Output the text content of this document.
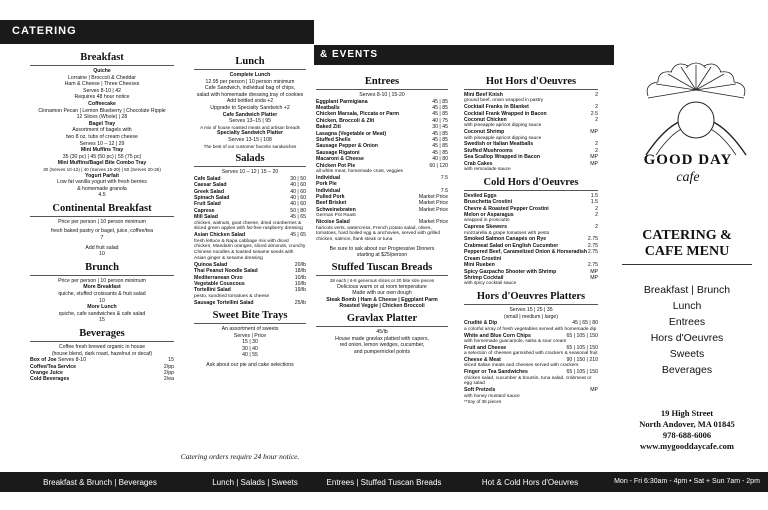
CATERING
& EVENTS

Breakfast

Quiche
Lorraine | Broccoli & Cheddar
Ham & Cheese | Three Cheeses
Serves 8-10 | 42
Requires 48 hour notice
Coffeecake
Cinnamon Pecan | Lemon Blueberry | Chocolate Ripple
12 Slices (Whole) | 28
Bagel Tray
Assortment of bagels with
two 8 oz. tubs of cream cheese
Serves 10 – 12 | 29
Mini Muffins Tray
35 (30 pc) | 45 (50 pc) | 55 (75 pc)
Mini Muffins/Bagel Bite Combo Tray
30 (Serves 10-12) | 40 (Serves 15-20) | 50 (Serves 20-25)
Yogurt Parfait
Low fat vanilla yogurt with fresh berries
& homemade granola
4.5

Continental Breakfast

Price per person | 10 person minimum
fresh baked pastry or bagel, juice, coffee/tea
7
Add fruit salad
10

Brunch

Price per person | 10 person minimum
More Breakfast
quiche, stuffed croissants & fruit salad
10
More Lunch
quiche, cafe sandwiches & cafe salad
15

Beverages

Coffee fresh brewed organic in house
(house blend, dark roast, hazelnut or decaf)
Box of Joe Serves 8-10	15
Coffee/Tea Service	2/pp
Orange Juice	2/pp
Cold Beverages	2/ea
Catering orders require 24 hour notice.

Lunch

Complete Lunch
12.95 per person | 10 person minimum
Cafe Sandwich, individual bag of chips,
salad with homemade dressing,tray of cookies
Add bottled soda +2
Upgrade to Specialty Sandwich +2
Cafe Sandwich Platter
Serves 13–15 | 95
A mix of house roasted meats and artisan breads
Specialty Sandwich Platter
Serves 13-15 | 108
The best of our customer favorite sandwiches

Salads

Serves 10 – 12 | 15 – 20
Cafe Salad	30 | 50
Caesar Salad	40 | 60
Greek Salad	40 | 60
Spinach Salad	40 | 60
Fruit Salad	40 | 60
Caprese	50 | 80
Mill Salad	45 | 65
chicken, walnuts, goat cheese, dried cranberries & sliced green apples with fat-free raspberry dressing
Asian Chicken Salad	45 | 65
fresh lettuce & Napa cabbage mix with diced chicken, Mandarin oranges, sliced almonds, crunchy Chinese noodles & toasted sesame seeds with Asian ginger & sesame dressing
Quinoa Salad	20/lb
Thai Peanut Noodle Salad	18/lb
Mediterranean Orzo	10/lb
Vegetable Couscous	10/lb
Tortellini Salad	19/lb
pesto, sundried tomatoes & cheese
Sausage Tortellini Salad	25/lb

Sweet Bite Trays

An assortment of sweets
Serves | Price
15 | 30
30 | 40
40 | 55
Ask about our pie and cake selections

Entrees

Serves 8-10 | 15-20
Eggplant Parmigiana	45 | 85
Meatballs	45 | 85
Chicken Marsala, Piccata or Parm	45 | 85
Chicken, Broccoli & Ziti	40 | 75
Baked Ziti	30 | 45
Lasagna (Vegetable or Meat)	45 | 85
Stuffed Shells	45 | 85
Sausage Pepper & Onion	45 | 85
Sausage Rigatoni	45 | 85
Macaroni & Cheese	40 | 80
Chicken Pot Pie	60 | 120
all white meat, homemade crust, veggies
Individual	7.5
Pork Pie
Individual	7.5
Pulled Pork	Market Price
Beef Brisket	Market Price
Schweinebraten	Market Price
German Pot Roast
Nicoise Salad	Market Price
haricots verts, watercress, French potato salad, olives, tomatoes, hard boiled egg & anchovies, served with grilled chicken, salmon, flank steak or tuna
Be sure to ask about our Progressive Dinners
starting at $25/person

Stuffed Tuscan Breads

28 each | 6-8 generous slices or 20 bite size pieces
Delicious warm or at room temperature
Made with our own dough
Steak Bomb | Ham & Cheese | Eggplant Parm
Roasted Veggie | Chicken Broccoli

Gravlax Platter

45/lb
House made gravlax platted with capers,
red onion, lemon wedges, cucumber,
and pumpernickel points

Hot Hors d'Oeuvres

Mini Beef Knish	2
ground beef, onion wrapped in pastry
Cocktail Franks in Blanket	2
Cocktail Frank Wrapped in Bacon	2.5
Coconut Chicken	2
with pineapple apricot dipping sauce
Coconut Shrimp	MP
with pineapple apricot dipping sauce
Swedish or Italian Meatballs	2
Stuffed Mushrooms	2
Sea Scallop Wrapped in Bacon	MP
Crab Cakes	MP
with remoulade sauce

Cold Hors d'Oeuvres

Deviled Eggs	1.5
Bruschetta Crostini	1.5
Chevre & Roasted Pepper Crostini	2
Melon or Asparagus	2
wrapped in prosciutto
Caprese Skewers	2
mozzarella & grape tomatoes with pesto
Smoked Salmon Canapés on Rye	2.75
Crabmeat Salad on English Cucumber	2.75
Peppered Beef, Caramelized Onion & Horseradish Cream Crostini
2.75
Mini Rueben	2.75
Spicy Gazpacho Shooter with Shrimp	MP
Shrimp Cocktail	MP
with spicy cocktail sauce

Hors d'Oeuvres Platters

Serves 15 | 25 | 35
(small | medium | large)
Crudité & Dip	45 | 65 | 80
a colorful array of fresh vegetables served with homemade dip
White and Blue Corn Chips	65 | 105 | 150
with homemade guacamole, salsa & sour cream
Fruit and Cheese	65 | 105 | 150
a selection of cheeses garnished with crackers & seasonal fruit
Cheese & Meat	90 | 150 | 210
sliced Italian meats and cheeses served with crackers
Finger or Tea Sandwiches	65 | 105 | 150
chicken salad, cucumber & boursin, tuna salad, crabmeat or egg salad
Soft Pretzels	MP
with honey mustard sauce
**tray of 36 pieces
GOOD DAY
cafe
CATERING &
CAFE MENU
Breakfast | Brunch
Lunch
Entrees
Hors d'Oeuvres
Sweets
Beverages
19 High Street
North Andover, MA 01845
978-688-6006
www.mygooddaycafe.com
Breakfast & Brunch | Beverages	Lunch | Salads | Sweets	Entrees | Stuffed Tuscan Breads	Hot & Cold Hors d'Oeuvres	Mon - Fri 6:30am - 4pm • Sat + Sun 7am - 2pm
